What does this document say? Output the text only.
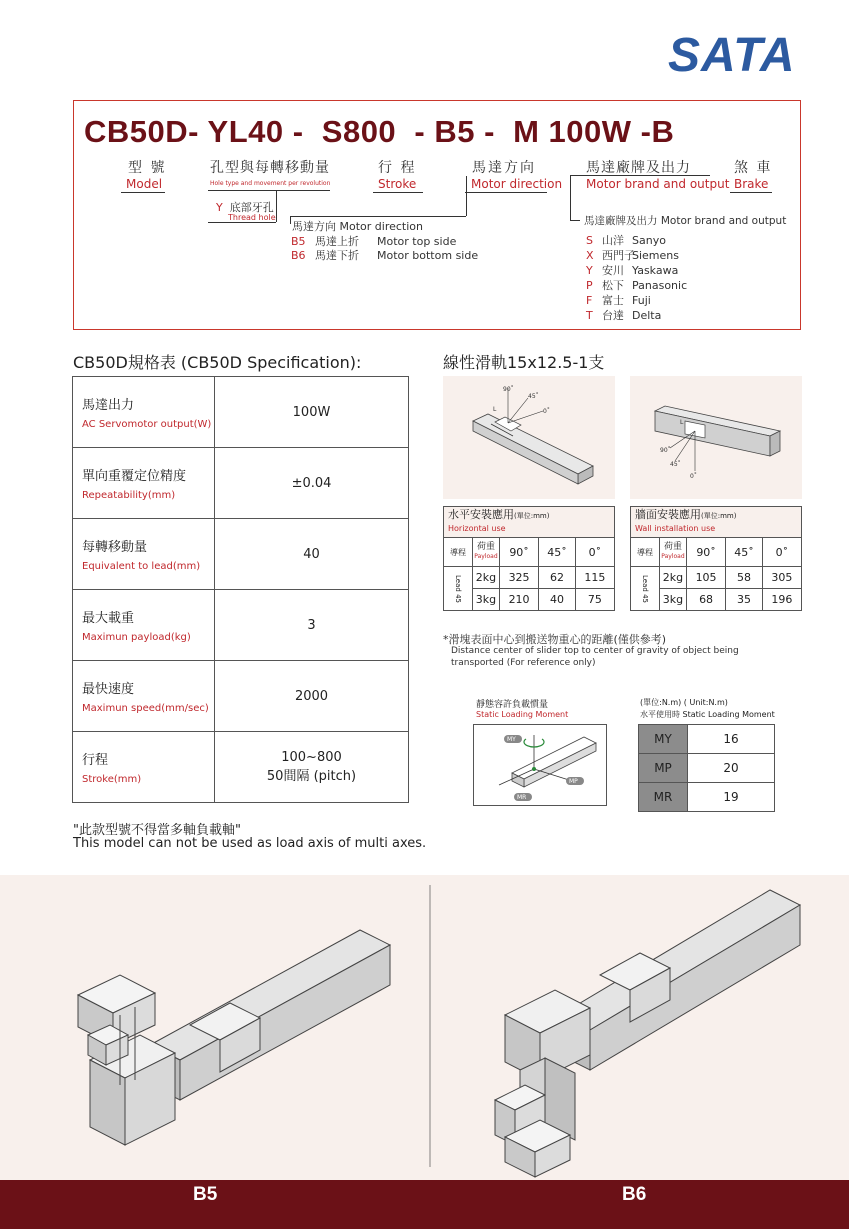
SATA
CB50D- YL40 -  S800  - B5 -  M 100W -B
型 號
Model
孔型與每轉移動量
Hole type and movement per revolution
Y 底部牙孔
Thread hole
行 程
Stroke
馬達方向
Motor direction
馬達廠牌及出力
Motor brand and output
煞 車
Brake
馬達方向 Motor direction
B5 馬達上折 Motor top side
B6 馬達下折 Motor bottom side
馬達廠牌及出力 Motor brand and output
S 山洋 Sanyo
X 西門子Siemens
Y 安川 Yaskawa
P 松下 Panasonic
F 富士 Fuji
T 台達 Delta
CB50D規格表 (CB50D Specification):
馬達出力
AC Servomotor output(W)	100W

單向重覆定位精度
Repeatability(mm)	±0.04

每轉移動量
Equivalent to lead(mm)	40

最大載重
Maximun payload(kg)	3

最快速度
Maximun speed(mm/sec)	2000

行程
Stroke(mm)	100~800
50間隔 (pitch)
線性滑軌15x12.5-1支
90˚
45˚
0˚
L
90˚
45˚
0˚
L
水平安裝應用(單位:mm)
Horizontal use				
導程	荷重
Payload	90˚	45˚	0˚

Lead 45	2kg	325	62	115
	3kg	210	40	75
牆面安裝應用(單位:mm)
Wall installation use				
導程	荷重
Payload	90˚	45˚	0˚

Lead 45	2kg	105	58	305
	3kg	68	35	196
*滑塊表面中心到搬送物重心的距離(僅供參考)
Distance center of slider top to center of gravity of object being
transported (For reference only)
靜態容許負載慣量
Static Loading Moment
MY
MP
MR
(單位:N.m) ( Unit:N.m)
水平使用時 Static Loading Moment
MY	16
MP	20
MR	19
"此款型號不得當多軸負載軸"
This model can not be used as load axis of multi axes.
B5	B6
